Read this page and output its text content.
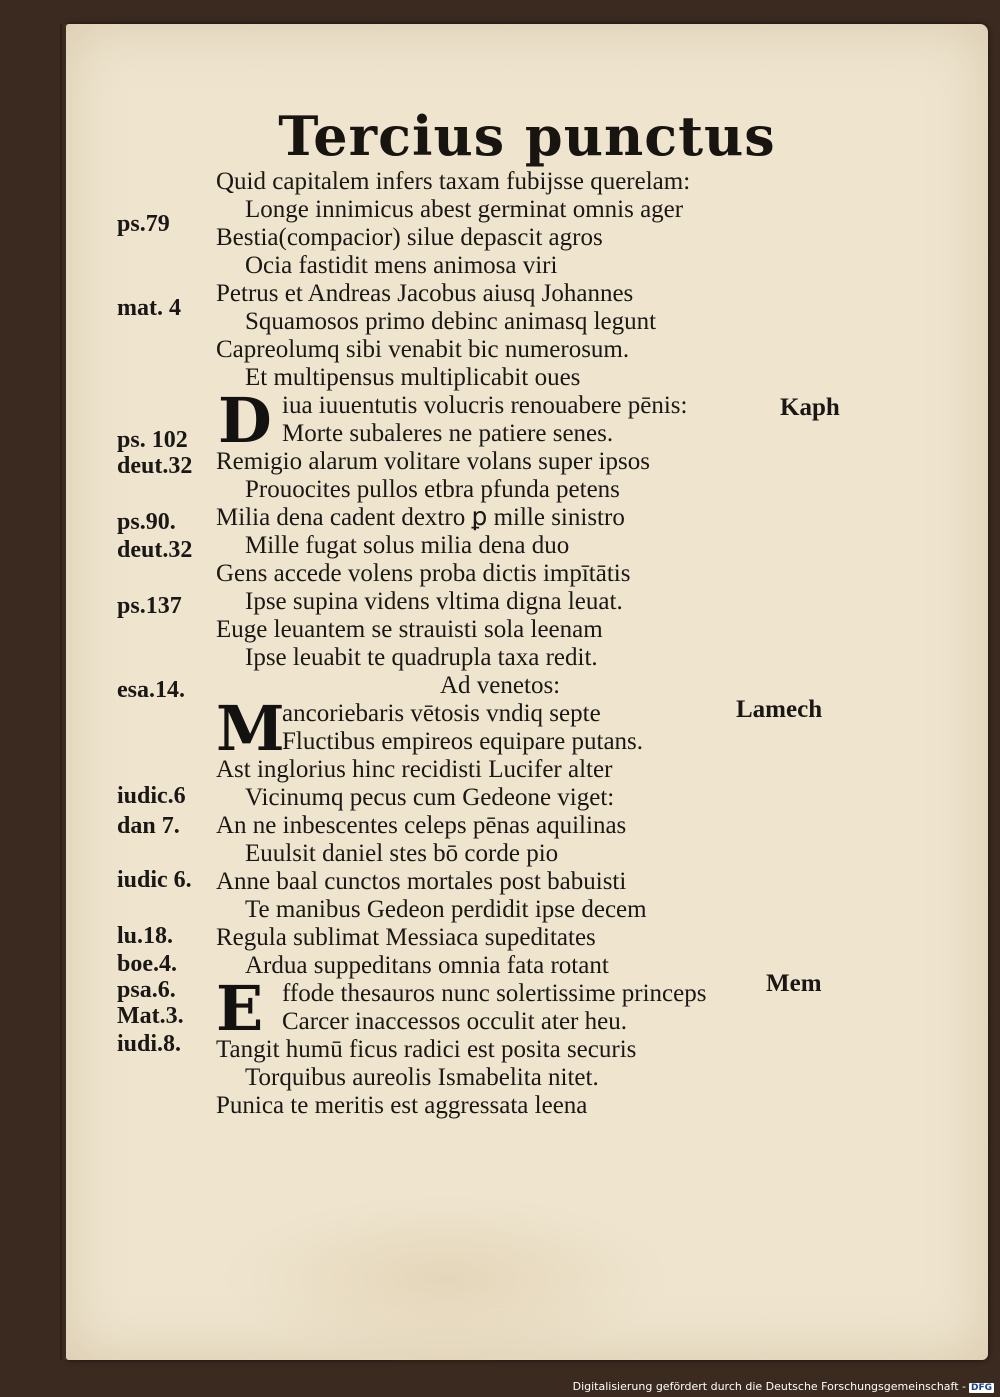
Tercius punctus
Quid capitalem infers taxam fubijsse querelam:
Longe innimicus abest germinat omnis ager
Bestia(compacior) silue depascit agros
Ocia fastidit mens animosa viri
Petrus et Andreas Jacobus aiusq Johannes
Squamosos primo debinc animasq legunt
Capreolumq sibi venabit bic numerosum.
Et multipensus multiplicabit oues
iua iuuentutis volucris renouabere pēnis:
Morte subaleres ne patiere senes.
Remigio alarum volitare volans super ipsos
Prouocites pullos etbra pfunda petens
Milia dena cadent dextro ꝑ mille sinistro
Mille fugat solus milia dena duo
Gens accede volens proba dictis impītātis
Ipse supina videns vltima digna leuat.
Euge leuantem se strauisti sola leenam
Ipse leuabit te quadrupla taxa redit.
Ad venetos:
ancoriebaris vētosis vndiq septe
Fluctibus empireos equipare putans.
Ast inglorius hinc recidisti Lucifer alter
Vicinumq pecus cum Gedeone viget:
An ne inbescentes celeps pēnas aquilinas
Euulsit daniel stes bō corde pio
Anne baal cunctos mortales post babuisti
Te manibus Gedeon perdidit ipse decem
Regula sublimat Messiaca supeditates
Ardua suppeditans omnia fata rotant
ffode thesauros nunc solertissime princeps
Carcer inaccessos occulit ater heu.
Tangit humū ficus radici est posita securis
Torquibus aureolis Ismabelita nitet.
Punica te meritis est aggressata leena
D
M
E
ps.79
mat. 4
ps. 102
deut.32
ps.90.
deut.32
ps.137
esa.14.
iudic.6
dan 7.
iudic 6.
lu.18.
boe.4.
psa.6.
Mat.3.
iudi.8.
Kaph
Lamech
Mem
Digitalisierung gefördert durch die Deutsche Forschungsgemeinschaft - DFG
